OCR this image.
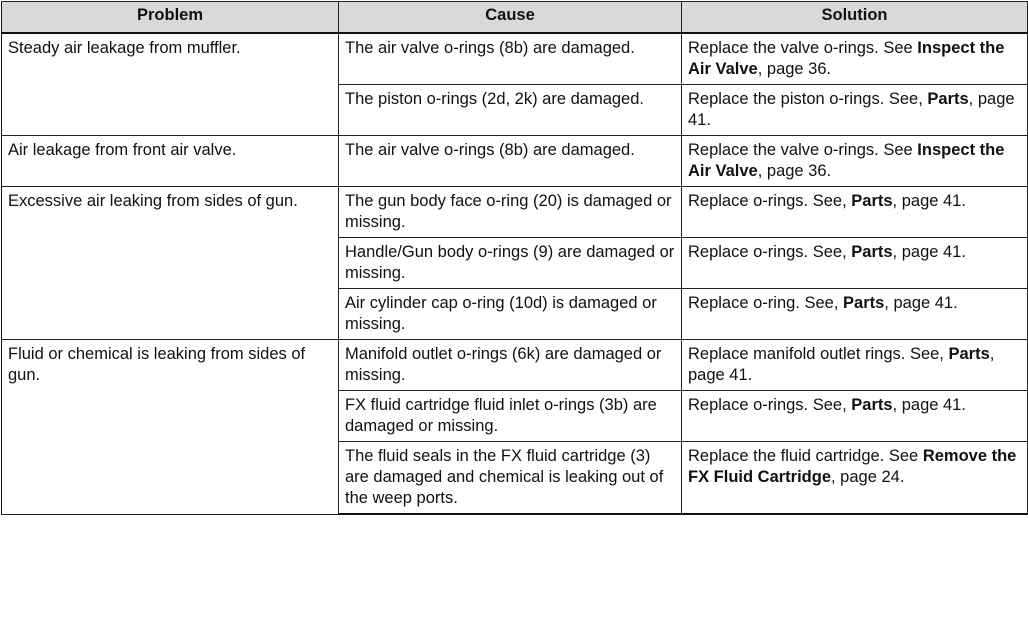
Problem	Cause	Solution
Steady air leakage from muffler.	The air valve o-rings (8b) are damaged.	Replace the valve o-rings. See Inspect the Air Valve, page 36.
	The piston o-rings (2d, 2k) are damaged.	Replace the piston o-rings. See, Parts, page 41.
Air leakage from front air valve.	The air valve o-rings (8b) are damaged.	Replace the valve o-rings. See Inspect the Air Valve, page 36.
Excessive air leaking from sides of gun.	The gun body face o-ring (20) is damaged or missing.	Replace o-rings. See, Parts, page 41.
	Handle/Gun body o-rings (9) are damaged or missing.	Replace o-rings. See, Parts, page 41.
	Air cylinder cap o-ring (10d) is damaged or missing.	Replace o-ring. See, Parts, page 41.
Fluid or chemical is leaking from sides of gun.	Manifold outlet o-rings (6k) are damaged or missing.	Replace manifold outlet rings. See, Parts, page 41.
	FX fluid cartridge fluid inlet o-rings (3b) are damaged or missing.	Replace o-rings. See, Parts, page 41.
	The fluid seals in the FX fluid cartridge (3) are damaged and chemical is leaking out of the weep ports.	Replace the fluid cartridge. See Remove the FX Fluid Cartridge, page 24.
